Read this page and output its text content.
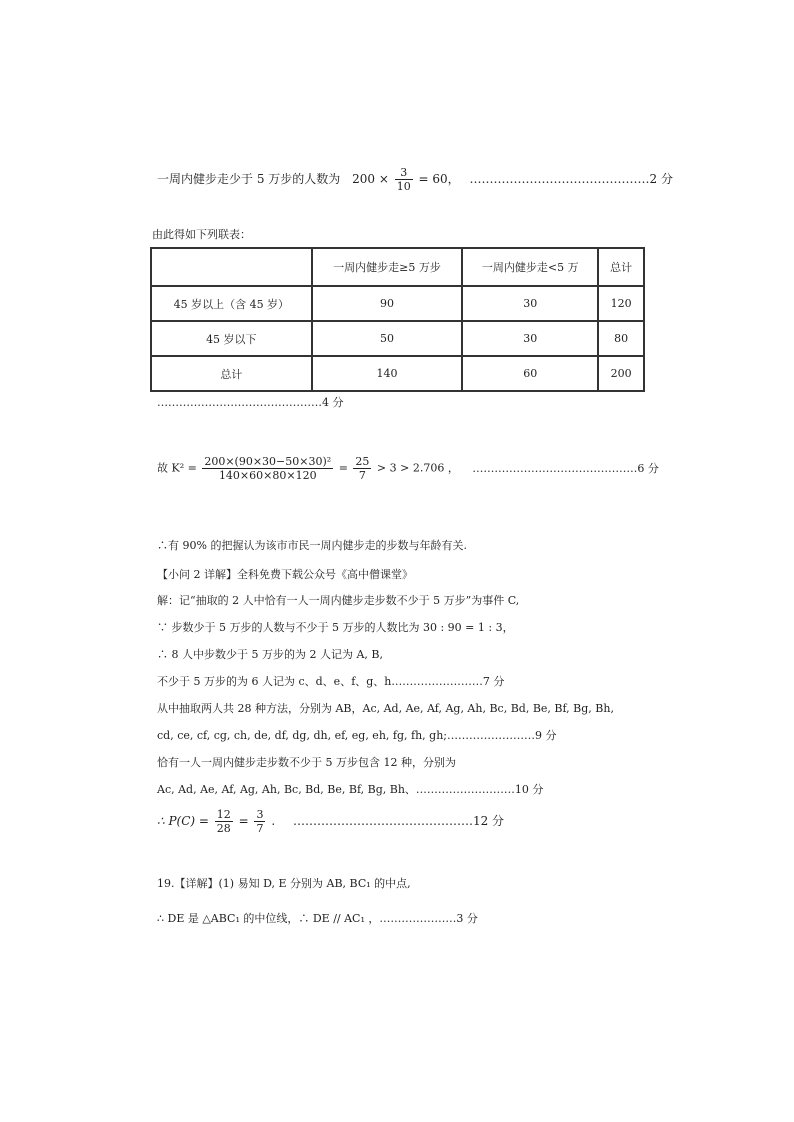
一周内健步走少于 5 万步的人数为 $200 \times \frac{3}{10} = 60$， ………………………………………2 分
由此得如下列联表：
	一周内健步走≥5 万步	一周内健步走<5 万	总计
45 岁以上（含 45 岁）	90	30	120
45 岁以下	50	30	80
总计	140	60	200
………………………………………4 分
故 $K^2 = \frac{\text{200×(90×30−50×30)²}}{140\times 60\times 80\times 120} = \frac{25}{7} > 3 > 2.706$ ， ………………………………………6 分
∴有 90% 的把握认为该市市民一周内健步走的步数与年龄有关.
【小问 2 详解】全科免费下载公众号《高中僧课堂》
解：记“抽取的 2 人中恰有一人一周内健步走步数不少于 5 万步”为事件 C,
∵ 步数少于 5 万步的人数与不少于 5 万步的人数比为 30 : 90 = 1 : 3，
∴ 8 人中步数少于 5 万步的为 2 人记为 A, B,
不少于 5 万步的为 6 人记为 c、d、e、f、g、h.……………………7 分
从中抽取两人共 28 种方法，分别为 AB，Ac, Ad, Ae, Af, Ag, Ah, Bc, Bd, Be, Bf, Bg, Bh,
cd, ce, cf, cg, ch, de, df, dg, dh, ef, eg, eh, fg, fh, gh;……………………9 分
恰有一人一周内健步走步数不少于 5 万步包含 12 种，分别为
Ac, Ad, Ae, Af, Ag, Ah, Bc, Bd, Be, Bf, Bg, Bh、………………………10 分
∴ $P(C) = \frac{12}{28} = \frac{3}{7}$ . ………………………………………12 分
19.【详解】(1) 易知 D, E 分别为 AB, BC₁ 的中点,
∴ DE 是 △ABC₁ 的中位线，∴ DE // AC₁ ，…………………3 分
